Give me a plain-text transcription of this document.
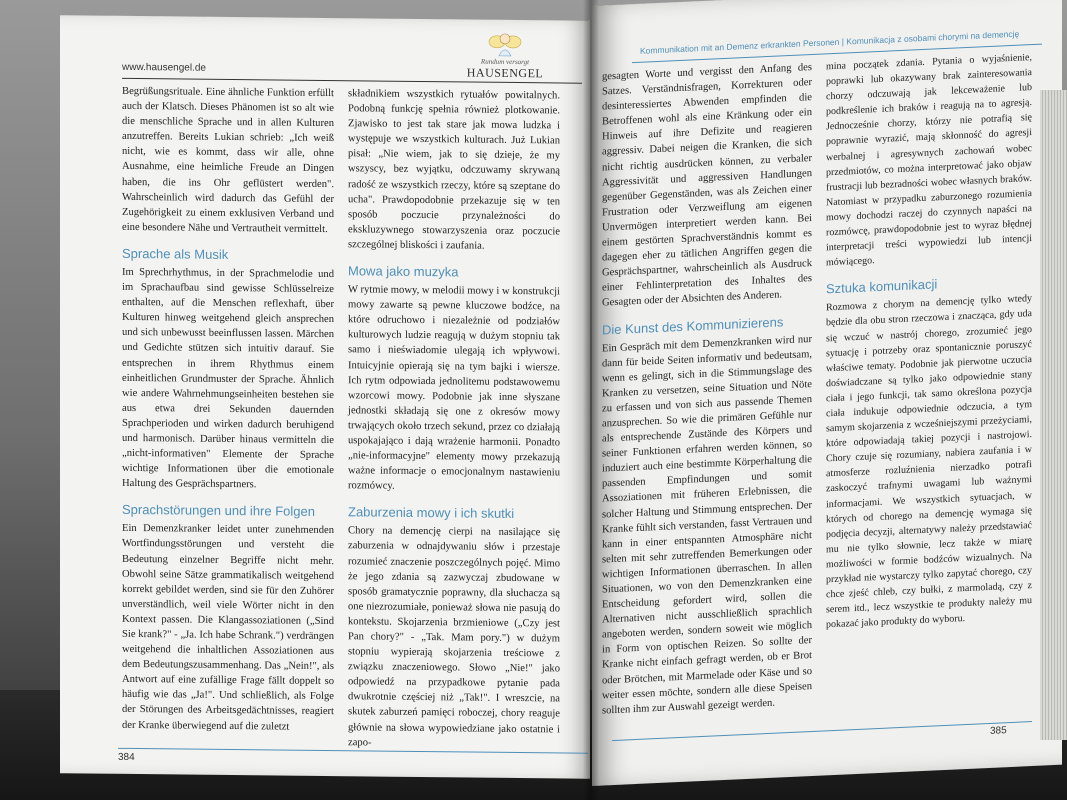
www.hausengel.de	Rundum versorgt
HAUSENGEL

Begrüßungsrituale. Eine ähnliche Funktion erfüllt auch der Klatsch. Dieses Phänomen ist so alt wie die menschliche Sprache und in allen Kulturen anzutreffen. Bereits Lukian schrieb: „Ich weiß nicht, wie es kommt, dass wir alle, ohne Ausnahme, eine heimliche Freude an Dingen haben, die ins Ohr geflüstert werden". Wahrscheinlich wird dadurch das Gefühl der Zugehörigkeit zu einem exklusiven Verband und eine besondere Nähe und Vertrautheit vermittelt.

Sprache als Musik

Im Sprechrhythmus, in der Sprachmelodie und im Sprachaufbau sind gewisse Schlüsselreize enthalten, auf die Menschen reflexhaft, über Kulturen hinweg weitgehend gleich ansprechen und sich unbewusst beeinflussen lassen. Märchen und Gedichte stützen sich intuitiv darauf. Sie entsprechen in ihrem Rhythmus einem einheitlichen Grundmuster der Sprache. Ähnlich wie andere Wahrnehmungseinheiten bestehen sie aus etwa drei Sekunden dauernden Sprachperioden und wirken dadurch beruhigend und harmonisch. Darüber hinaus vermitteln die „nicht-informativen" Elemente der Sprache wichtige Informationen über die emotionale Haltung des Gesprächspartners.

Sprachstörungen und ihre Folgen

Ein Demenzkranker leidet unter zunehmenden Wortfindungsstörungen und versteht die Bedeutung einzelner Begriffe nicht mehr. Obwohl seine Sätze grammatikalisch weitgehend korrekt gebildet werden, sind sie für den Zuhörer unverständlich, weil viele Wörter nicht in den Kontext passen. Die Klangassoziationen („Sind Sie krank?" - „Ja. Ich habe Schrank.") verdrängen weitgehend die inhaltlichen Assoziationen aus dem Bedeutungszusammenhang. Das „Nein!", als Antwort auf eine zufällige Frage fällt doppelt so häufig wie das „Ja!". Und schließlich, als Folge der Störungen des Arbeitsgedächtnisses, reagiert der Kranke überwiegend auf die zuletzt

składnikiem wszystkich rytuałów powitalnych. Podobną funkcję spełnia również plotkowanie. Zjawisko to jest tak stare jak mowa ludzka i występuje we wszystkich kulturach. Już Lukian pisał: „Nie wiem, jak to się dzieje, że my wszyscy, bez wyjątku, odczuwamy skrywaną radość ze wszystkich rzeczy, które są szeptane do ucha". Prawdopodobnie przekazuje się w ten sposób poczucie przynależności do ekskluzywnego stowarzyszenia oraz poczucie szczególnej bliskości i zaufania.

Mowa jako muzyka

W rytmie mowy, w melodii mowy i w konstrukcji mowy zawarte są pewne kluczowe bodźce, na które odruchowo i niezależnie od podziałów kulturowych ludzie reagują w dużym stopniu tak samo i nieświadomie ulegają ich wpływowi. Intuicyjnie opierają się na tym bajki i wiersze. Ich rytm odpowiada jednolitemu podstawowemu wzorcowi mowy. Podobnie jak inne słyszane jednostki składają się one z okresów mowy trwających około trzech sekund, przez co działają uspokajająco i dają wrażenie harmonii. Ponadto „nie-informacyjne" elementy mowy przekazują ważne informacje o emocjonalnym nastawieniu rozmówcy.

Zaburzenia mowy i ich skutki

Chory na demencję cierpi na nasilające się zaburzenia w odnajdywaniu słów i przestaje rozumieć znaczenie poszczególnych pojęć. Mimo że jego zdania są zazwyczaj zbudowane w sposób gramatycznie poprawny, dla słuchacza są one niezrozumiałe, ponieważ słowa nie pasują do kontekstu. Skojarzenia brzmieniowe („Czy jest Pan chory?" - „Tak. Mam pory.") w dużym stopniu wypierają skojarzenia treściowe z związku znaczeniowego. Słowo „Nie!" jako odpowiedź na przypadkowe pytanie pada dwukrotnie częściej niż „Tak!". I wreszcie, na skutek zaburzeń pamięci roboczej, chory reaguje głównie na słowa wypowiedziane jako ostatnie i zapo-

384
Kommunikation mit an Demenz erkrankten Personen | Komunikacja z osobami chorymi na demencję

gesagten Worte und vergisst den Anfang des Satzes. Verständnisfragen, Korrekturen oder desinteressiertes Abwenden empfinden die Betroffenen wohl als eine Kränkung oder ein Hinweis auf ihre Defizite und reagieren aggressiv. Dabei neigen die Kranken, die sich nicht richtig ausdrücken können, zu verbaler Aggressivität und aggressiven Handlungen gegenüber Gegenständen, was als Zeichen einer Frustration oder Verzweiflung am eigenen Unvermögen interpretiert werden kann. Bei einem gestörten Sprachverständnis kommt es dagegen eher zu tätlichen Angriffen gegen die Gesprächspartner, wahrscheinlich als Ausdruck einer Fehlinterpretation des Inhaltes des Gesagten oder der Absichten des Anderen.

Die Kunst des Kommunizierens

Ein Gespräch mit dem Demenzkranken wird nur dann für beide Seiten informativ und bedeutsam, wenn es gelingt, sich in die Stimmungslage des Kranken zu versetzen, seine Situation und Nöte zu erfassen und von sich aus passende Themen anzusprechen. So wie die primären Gefühle nur als entsprechende Zustände des Körpers und seiner Funktionen erfahren werden können, so induziert auch eine bestimmte Körperhaltung die passenden Empfindungen und somit Assoziationen mit früheren Erlebnissen, die solcher Haltung und Stimmung entsprechen. Der Kranke fühlt sich verstanden, fasst Vertrauen und kann in einer entspannten Atmosphäre nicht selten mit sehr zutreffenden Bemerkungen oder wichtigen Informationen überraschen. In allen Situationen, wo von den Demenzkranken eine Entscheidung gefordert wird, sollen die Alternativen nicht ausschließlich sprachlich angeboten werden, sondern soweit wie möglich in Form von optischen Reizen. So sollte der Kranke nicht einfach gefragt werden, ob er Brot oder Brötchen, mit Marmelade oder Käse und so weiter essen möchte, sondern alle diese Speisen sollten ihm zur Auswahl gezeigt werden.

mina początek zdania. Pytania o wyjaśnienie, poprawki lub okazywany brak zainteresowania chorzy odczuwają jak lekceważenie lub podkreślenie ich braków i reagują na to agresją. Jednocześnie chorzy, którzy nie potrafią się poprawnie wyrazić, mają skłonność do agresji werbalnej i agresywnych zachowań wobec przedmiotów, co można interpretować jako objaw frustracji lub bezradności wobec własnych braków. Natomiast w przypadku zaburzonego rozumienia mowy dochodzi raczej do czynnych napaści na rozmówcę, prawdopodobnie jest to wyraz błędnej interpretacji treści wypowiedzi lub intencji mówiącego.

Sztuka komunikacji

Rozmowa z chorym na demencję tylko wtedy będzie dla obu stron rzeczowa i znacząca, gdy uda się wczuć w nastrój chorego, zrozumieć jego sytuację i potrzeby oraz spontanicznie poruszyć właściwe tematy. Podobnie jak pierwotne uczucia doświadczane są tylko jako odpowiednie stany ciała i jego funkcji, tak samo określona pozycja ciała indukuje odpowiednie odczucia, a tym samym skojarzenia z wcześniejszymi przeżyciami, które odpowiadają takiej pozycji i nastrojowi. Chory czuje się rozumiany, nabiera zaufania i w atmosferze rozluźnienia nierzadko potrafi zaskoczyć trafnymi uwagami lub ważnymi informacjami. We wszystkich sytuacjach, w których od chorego na demencję wymaga się podjęcia decyzji, alternatywy należy przedstawiać mu nie tylko słownie, lecz także w miarę możliwości w formie bodźców wizualnych. Na przykład nie wystarczy tylko zapytać chorego, czy chce zjeść chleb, czy bułki, z marmoladą, czy z serem itd., lecz wszystkie te produkty należy mu pokazać jako produkty do wyboru.

385
